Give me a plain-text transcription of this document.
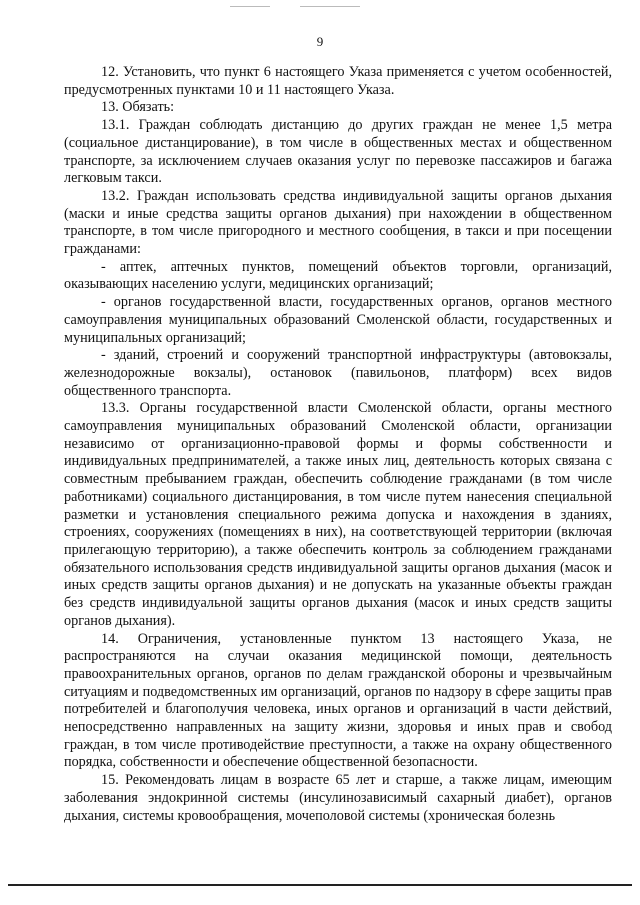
9

12. Установить, что пункт 6 настоящего Указа применяется с учетом особенностей, предусмотренных пунктами 10 и 11 настоящего Указа.

13. Обязать:

13.1. Граждан соблюдать дистанцию до других граждан не менее 1,5 метра (социальное дистанцирование), в том числе в общественных местах и общественном транспорте, за исключением случаев оказания услуг по перевозке пассажиров и багажа легковым такси.

13.2. Граждан использовать средства индивидуальной защиты органов дыхания (маски и иные средства защиты органов дыхания) при нахождении в общественном транспорте, в том числе пригородного и местного сообщения, в такси и при посещении гражданами:

- аптек, аптечных пунктов, помещений объектов торговли, организаций, оказывающих населению услуги, медицинских организаций;

- органов государственной власти, государственных органов, органов местного самоуправления муниципальных образований Смоленской области, государственных и муниципальных организаций;

- зданий, строений и сооружений транспортной инфраструктуры (автовокзалы, железнодорожные вокзалы), остановок (павильонов, платформ) всех видов общественного транспорта.

13.3. Органы государственной власти Смоленской области, органы местного самоуправления муниципальных образований Смоленской области, организации независимо от организационно-правовой формы и формы собственности и индивидуальных предпринимателей, а также иных лиц, деятельность которых связана с совместным пребыванием граждан, обеспечить соблюдение гражданами (в том числе работниками) социального дистанцирования, в том числе путем нанесения специальной разметки и установления специального режима допуска и нахождения в зданиях, строениях, сооружениях (помещениях в них), на соответствующей территории (включая прилегающую территорию), а также обеспечить контроль за соблюдением гражданами обязательного использования средств индивидуальной защиты органов дыхания (масок и иных средств защиты органов дыхания) и не допускать на указанные объекты граждан без средств индивидуальной защиты органов дыхания (масок и иных средств защиты органов дыхания).

14. Ограничения, установленные пунктом 13 настоящего Указа, не распространяются на случаи оказания медицинской помощи, деятельность правоохранительных органов, органов по делам гражданской обороны и чрезвычайным ситуациям и подведомственных им организаций, органов по надзору в сфере защиты прав потребителей и благополучия человека, иных органов и организаций в части действий, непосредственно направленных на защиту жизни, здоровья и иных прав и свобод граждан, в том числе противодействие преступности, а также на охрану общественного порядка, собственности и обеспечение общественной безопасности.

15. Рекомендовать лицам в возрасте 65 лет и старше, а также лицам, имеющим заболевания эндокринной системы (инсулинозависимый сахарный диабет), органов дыхания, системы кровообращения, мочеполовой системы (хроническая болезнь
